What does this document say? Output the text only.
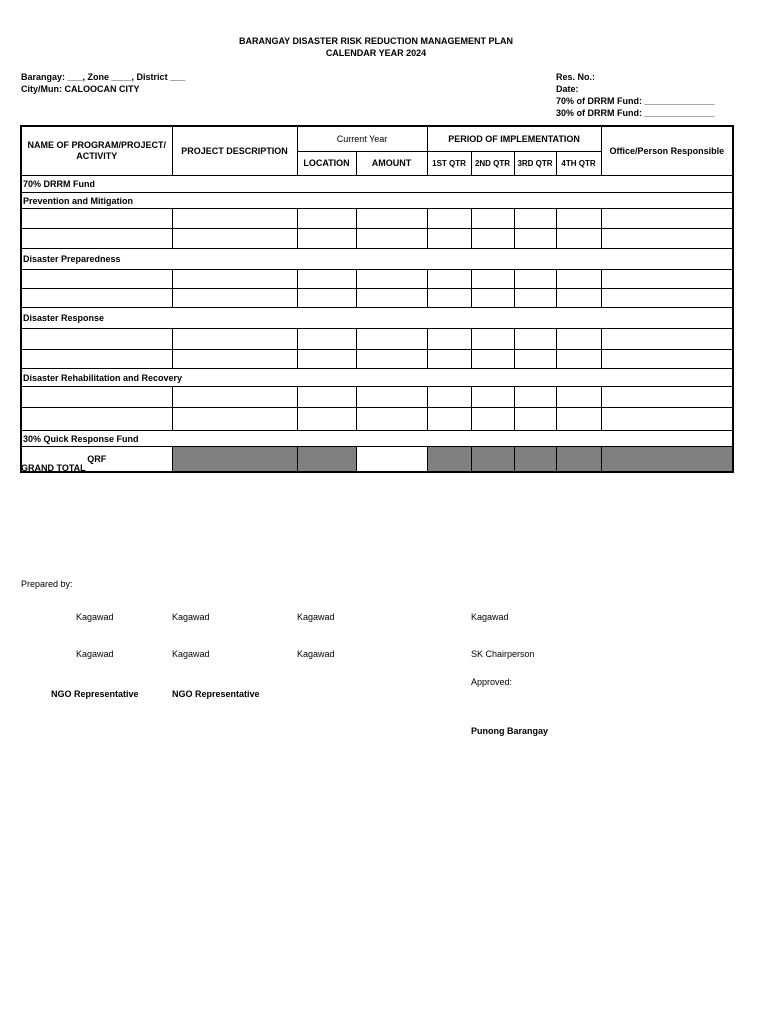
BARANGAY DISASTER RISK REDUCTION MANAGEMENT PLAN
CALENDAR YEAR 2024
Barangay: ___, Zone ____, District ___
City/Mun: CALOOCAN CITY
Res. No.:
Date:
70% of DRRM Fund: ______________
30% of DRRM Fund: ______________
NAME OF PROGRAM/PROJECT/ ACTIVITY	PROJECT DESCRIPTION	Current Year		PERIOD OF IMPLEMENTATION				Office/Person Responsible
		LOCATION	AMOUNT	1ST QTR	2ND QTR	3RD QTR	4TH QTR	
70% DRRM Fund								
Prevention and Mitigation								

Disaster Preparedness								

Disaster Response								

Disaster Rehabilitation and Recovery								

30% Quick Response Fund								
QRF								
GRAND TOTAL
Prepared by:
Kagawad	Kagawad	Kagawad	Kagawad
Kagawad	Kagawad	Kagawad	SK Chairperson
Approved:
NGO Representative	NGO Representative
Punong Barangay
